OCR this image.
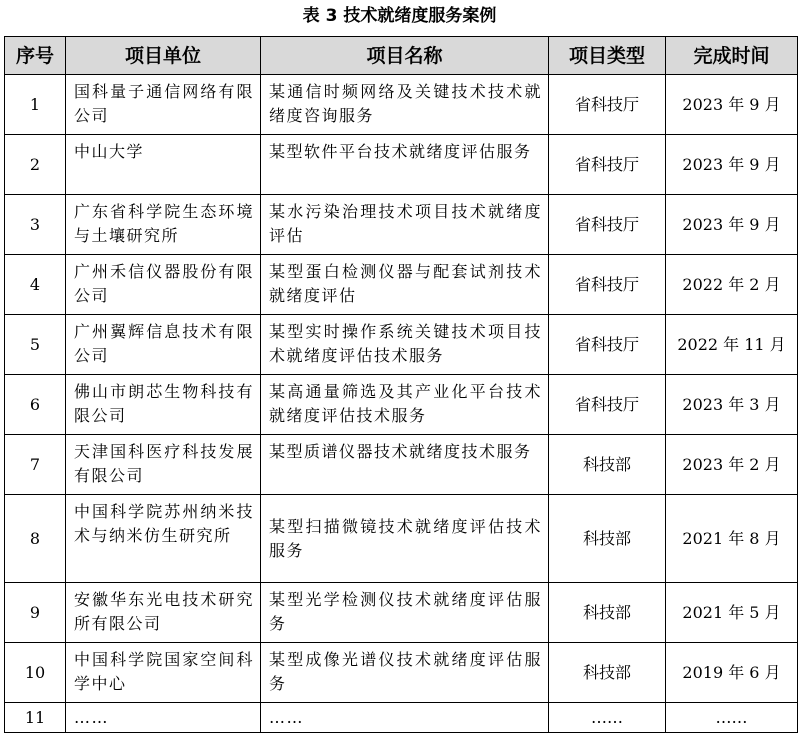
表 3 技术就绪度服务案例
序号	项目单位	项目名称	项目类型	完成时间
1	国科量子通信网络有限公司	某通信时频网络及关键技术技术就绪度咨询服务	省科技厅	2023 年 9 月
2	中山大学	某型软件平台技术就绪度评估服务	省科技厅	2023 年 9 月
3	广东省科学院生态环境与土壤研究所	某水污染治理技术项目技术就绪度评估	省科技厅	2023 年 9 月
4	广州禾信仪器股份有限公司	某型蛋白检测仪器与配套试剂技术就绪度评估	省科技厅	2022 年 2 月
5	广州翼辉信息技术有限公司	某型实时操作系统关键技术项目技术就绪度评估技术服务	省科技厅	2022 年 11 月
6	佛山市朗芯生物科技有限公司	某高通量筛选及其产业化平台技术就绪度评估技术服务	省科技厅	2023 年 3 月
7	天津国科医疗科技发展有限公司	某型质谱仪器技术就绪度技术服务	科技部	2023 年 2 月
8	中国科学院苏州纳米技术与纳米仿生研究所	某型扫描微镜技术就绪度评估技术服务	科技部	2021 年 8 月
9	安徽华东光电技术研究所有限公司	某型光学检测仪技术就绪度评估服务	科技部	2021 年 5 月
10	中国科学院国家空间科学中心	某型成像光谱仪技术就绪度评估服务	科技部	2019 年 6 月
11	……	……	……	……
